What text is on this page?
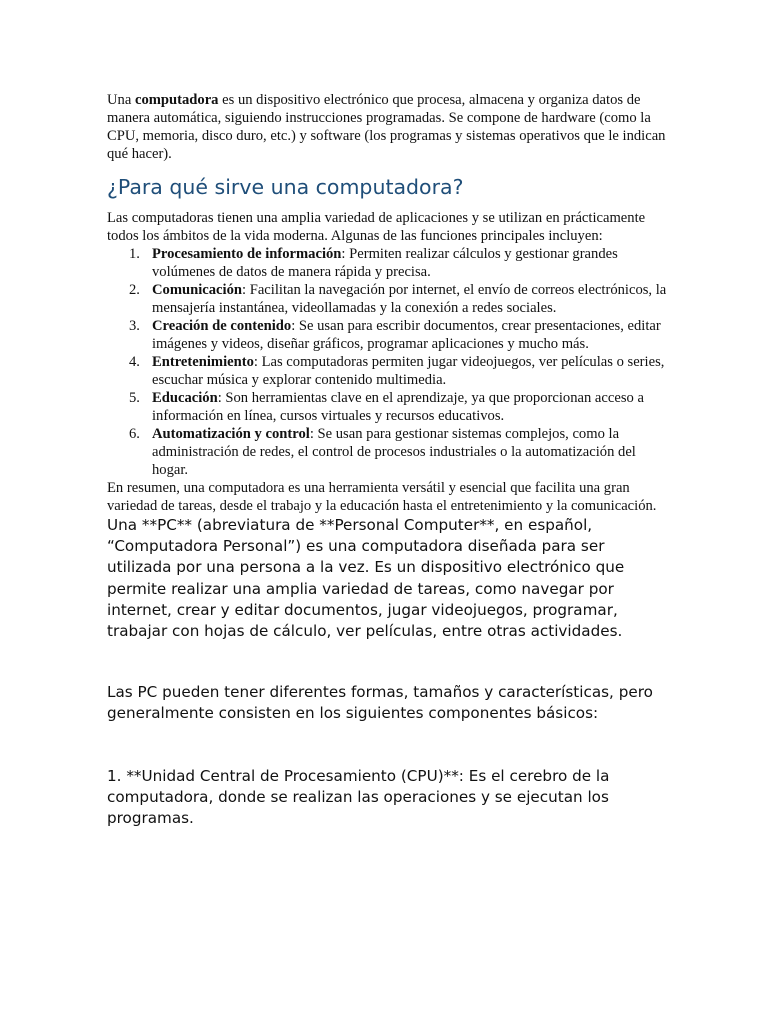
Una computadora es un dispositivo electrónico que procesa, almacena y organiza datos de manera automática, siguiendo instrucciones programadas. Se compone de hardware (como la CPU, memoria, disco duro, etc.) y software (los programas y sistemas operativos que le indican qué hacer).

¿Para qué sirve una computadora?

Las computadoras tienen una amplia variedad de aplicaciones y se utilizan en prácticamente todos los ámbitos de la vida moderna. Algunas de las funciones principales incluyen:

1. Procesamiento de información: Permiten realizar cálculos y gestionar grandes volúmenes de datos de manera rápida y precisa.
2. Comunicación: Facilitan la navegación por internet, el envío de correos electrónicos, la mensajería instantánea, videollamadas y la conexión a redes sociales.
3. Creación de contenido: Se usan para escribir documentos, crear presentaciones, editar imágenes y videos, diseñar gráficos, programar aplicaciones y mucho más.
4. Entretenimiento: Las computadoras permiten jugar videojuegos, ver películas o series, escuchar música y explorar contenido multimedia.
5. Educación: Son herramientas clave en el aprendizaje, ya que proporcionan acceso a información en línea, cursos virtuales y recursos educativos.
6. Automatización y control: Se usan para gestionar sistemas complejos, como la administración de redes, el control de procesos industriales o la automatización del hogar.

En resumen, una computadora es una herramienta versátil y esencial que facilita una gran variedad de tareas, desde el trabajo y la educación hasta el entretenimiento y la comunicación.

Una **PC** (abreviatura de **Personal Computer**, en español, “Computadora Personal”) es una computadora diseñada para ser utilizada por una persona a la vez. Es un dispositivo electrónico que permite realizar una amplia variedad de tareas, como navegar por internet, crear y editar documentos, jugar videojuegos, programar, trabajar con hojas de cálculo, ver películas, entre otras actividades.

Las PC pueden tener diferentes formas, tamaños y características, pero generalmente consisten en los siguientes componentes básicos:

1. **Unidad Central de Procesamiento (CPU)**: Es el cerebro de la computadora, donde se realizan las operaciones y se ejecutan los programas.
